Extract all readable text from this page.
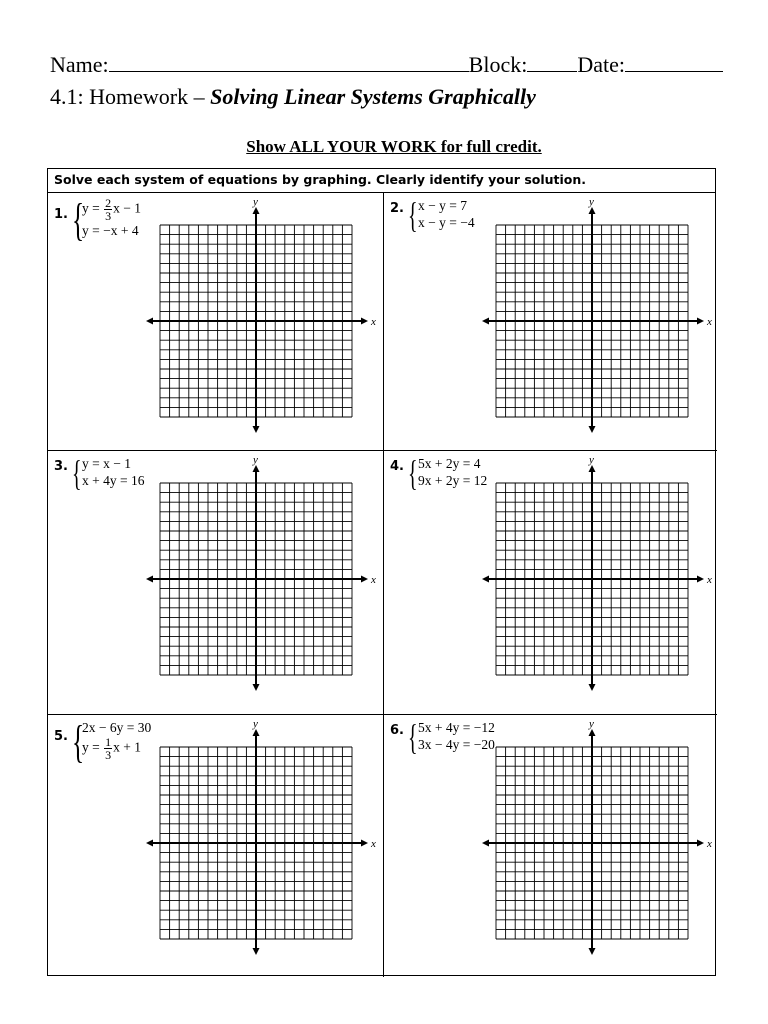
Name:	Block: Date:
4.1: Homework – Solving Linear Systems Graphically
Show ALL YOUR WORK for full credit.
Solve each system of equations by graphing. Clearly identify your solution.
1. {
$y = \frac{2}{3}$ x − 1
y = −x + 4
x
y	2. { x − y = 7
x − y = −4
x
y
3. { y = x − 1
x + 4y = 16
x
y	4. { 5x + 2y = 4
9x + 2y = 12
x
y
5. {
2x − 6y = 30
$y = \frac{1}{3}$ x + 1
x
y	6. { 5x + 4y = −12
3x − 4y = −20
x
y
